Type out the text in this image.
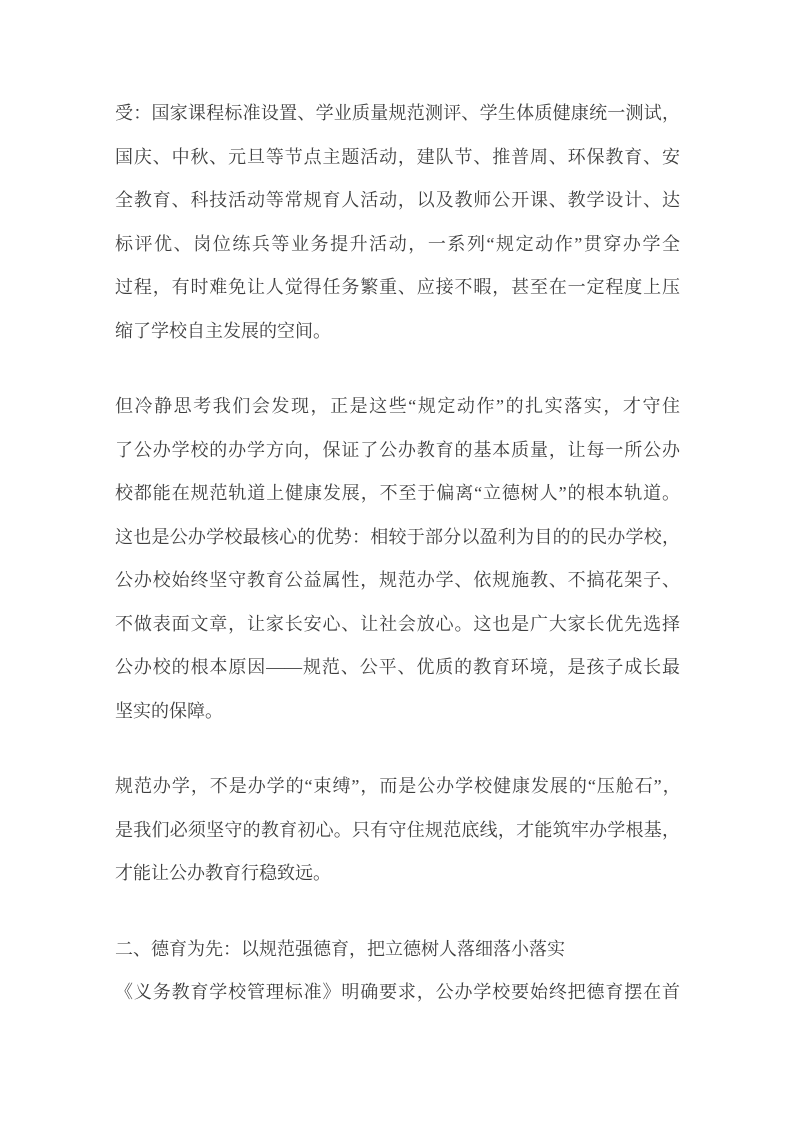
受：国家课程标准设置、学业质量规范测评、学生体质健康统一测试，
国庆、中秋、元旦等节点主题活动，建队节、推普周、环保教育、安
全教育、科技活动等常规育人活动，以及教师公开课、教学设计、达
标评优、岗位练兵等业务提升活动，一系列“规定动作”贯穿办学全
过程，有时难免让人觉得任务繁重、应接不暇，甚至在一定程度上压
缩了学校自主发展的空间。
但冷静思考我们会发现，正是这些“规定动作”的扎实落实，才守住
了公办学校的办学方向，保证了公办教育的基本质量，让每一所公办
校都能在规范轨道上健康发展，不至于偏离“立德树人”的根本轨道。
这也是公办学校最核心的优势：相较于部分以盈利为目的的民办学校，
公办校始终坚守教育公益属性，规范办学、依规施教、不搞花架子、
不做表面文章，让家长安心、让社会放心。这也是广大家长优先选择
公办校的根本原因——规范、公平、优质的教育环境，是孩子成长最
坚实的保障。
规范办学，不是办学的“束缚”，而是公办学校健康发展的“压舱石”，
是我们必须坚守的教育初心。只有守住规范底线，才能筑牢办学根基，
才能让公办教育行稳致远。
二、德育为先：以规范强德育，把立德树人落细落小落实
《义务教育学校管理标准》明确要求，公办学校要始终把德育摆在首
